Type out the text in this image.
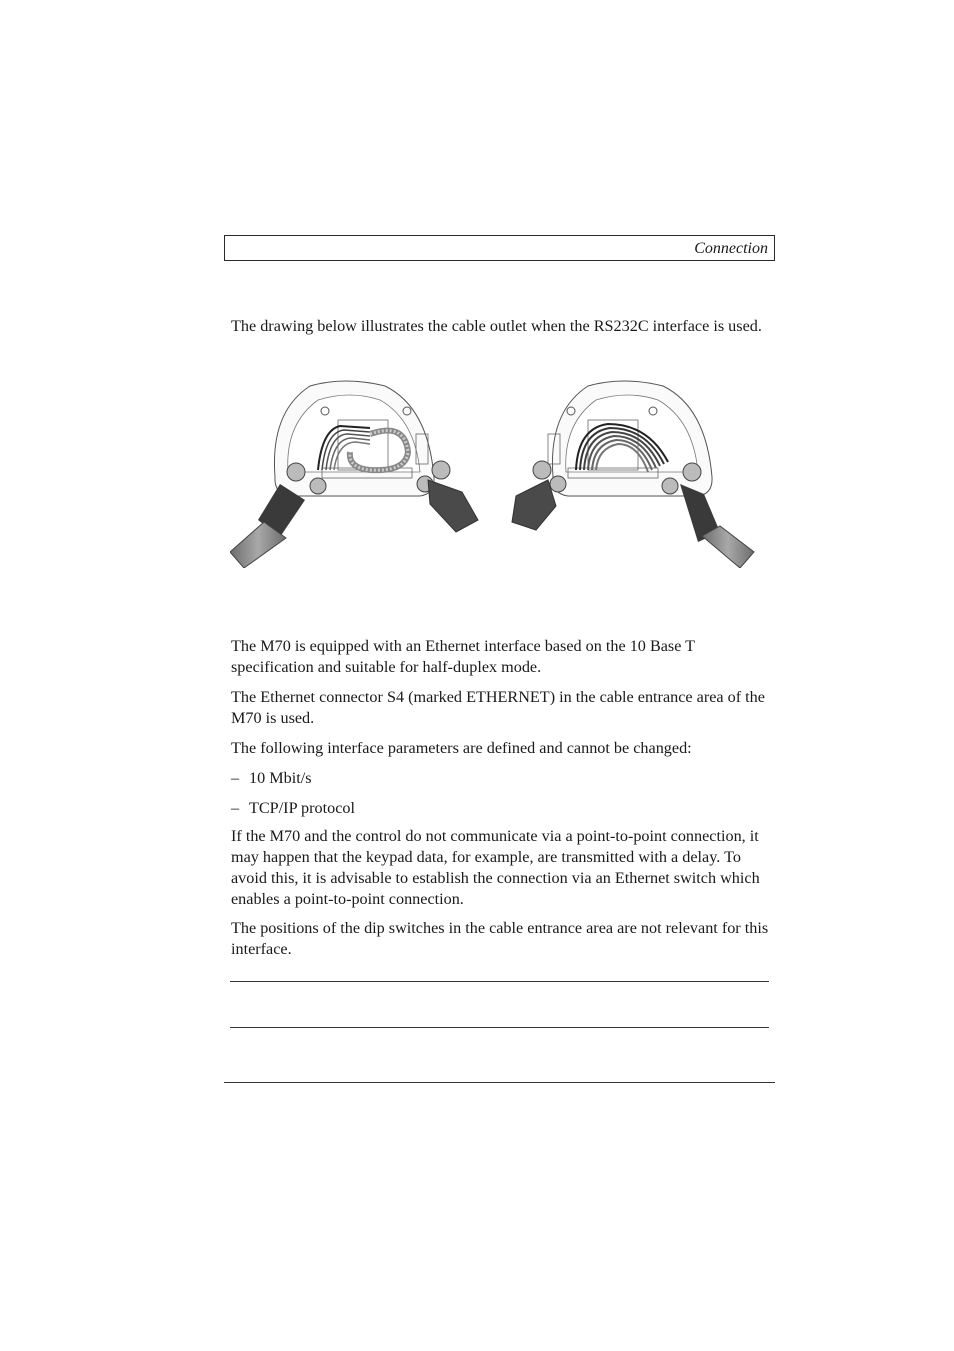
Connection

The drawing below illustrates the cable outlet when the RS232C interface is used.

The M70 is equipped with an Ethernet interface based on the 10 Base T specification and suitable for half-duplex mode.

The Ethernet connector S4 (marked ETHERNET) in the cable entrance area of the M70 is used.

The following interface parameters are defined and cannot be changed:

– 10 Mbit/s
– TCP/IP protocol

If the M70 and the control do not communicate via a point-to-point connection, it may happen that the keypad data, for example, are transmitted with a delay. To avoid this, it is advisable to establish the connection via an Ethernet switch which enables a point-to-point connection.

The positions of the dip switches in the cable entrance area are not relevant for this interface.
